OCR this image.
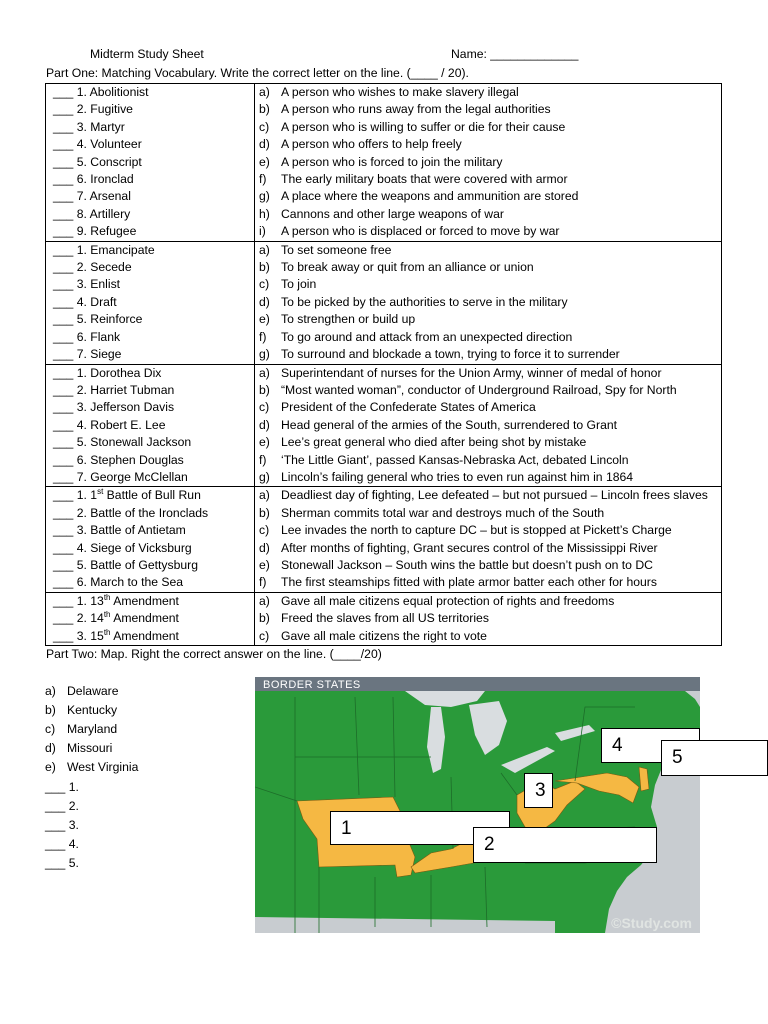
Midterm Study Sheet	Name: _____________
Part One: Matching Vocabulary. Write the correct letter on the line. (____ / 20).
___ 1. Abolitionist	a)	A person who wishes to make slavery illegal
___ 2. Fugitive	b)	A person who runs away from the legal authorities
___ 3. Martyr	c)	A person who is willing to suffer or die for their cause
___ 4. Volunteer	d)	A person who offers to help freely
___ 5. Conscript	e)	A person who is forced to join the military
___ 6. Ironclad	f)	The early military boats that were covered with armor
___ 7. Arsenal	g)	A place where the weapons and ammunition are stored
___ 8. Artillery	h)	Cannons and other large weapons of war
___ 9. Refugee	i)	A person who is displaced or forced to move by war
___ 1. Emancipate	a)	To set someone free
___ 2. Secede	b)	To break away or quit from an alliance or union
___ 3. Enlist	c)	To join
___ 4. Draft	d)	To be picked by the authorities to serve in the military
___ 5. Reinforce	e)	To strengthen or build up
___ 6. Flank	f)	To go around and attack from an unexpected direction
___ 7. Siege	g)	To surround and blockade a town, trying to force it to surrender
___ 1. Dorothea Dix	a)	Superintendant of nurses for the Union Army, winner of medal of honor
___ 2. Harriet Tubman	b)	“Most wanted woman”, conductor of Underground Railroad, Spy for North
___ 3. Jefferson Davis	c)	President of the Confederate States of America
___ 4. Robert E. Lee	d)	Head general of the armies of the South, surrendered to Grant
___ 5. Stonewall Jackson	e)	Lee’s great general who died after being shot by mistake
___ 6. Stephen Douglas	f)	‘The Little Giant’, passed Kansas-Nebraska Act, debated Lincoln
___ 7. George McClellan	g)	Lincoln’s failing general who tries to even run against him in 1864
___ 1. 1st Battle of Bull Run	a)	Deadliest day of fighting, Lee defeated – but not pursued – Lincoln frees slaves
___ 2. Battle of the Ironclads	b)	Sherman commits total war and destroys much of the South
___ 3. Battle of Antietam	c)	Lee invades the north to capture DC – but is stopped at Pickett’s Charge
___ 4. Siege of Vicksburg	d)	After months of fighting, Grant secures control of the Mississippi River
___ 5. Battle of Gettysburg	e)	Stonewall Jackson – South wins the battle but doesn’t push on to DC
___ 6. March to the Sea	f)	The first steamships fitted with plate armor batter each other for hours
___ 1. 13th Amendment	a)	Gave all male citizens equal protection of rights and freedoms
___ 2. 14th Amendment	b)	Freed the slaves from all US territories
___ 3. 15th Amendment	c)	Gave all male citizens the right to vote
Part Two: Map. Right the correct answer on the line. (____/20)
a) Delaware
b) Kentucky
c) Maryland
d) Missouri
e) West Virginia
___ 1.
___ 2.
___ 3.
___ 4.
___ 5.
BORDER STATES
©Study.com
1
2
3
4
5
